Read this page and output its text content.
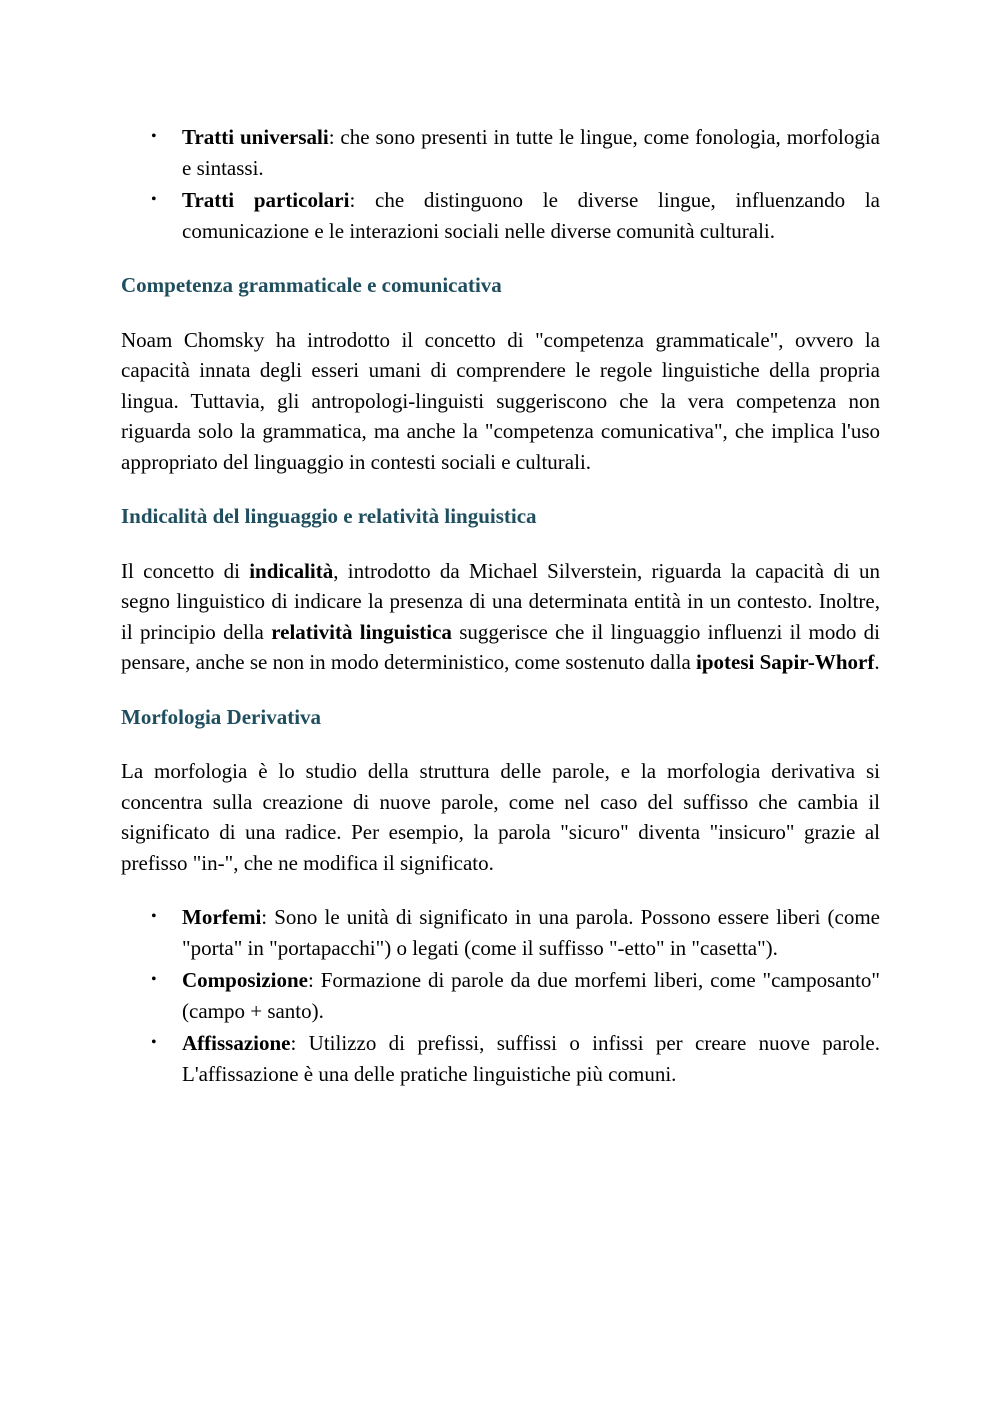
• Tratti universali: che sono presenti in tutte le lingue, come fonologia, morfologia e sintassi.
• Tratti particolari: che distinguono le diverse lingue, influenzando la comunicazione e le interazioni sociali nelle diverse comunità culturali.
Competenza grammaticale e comunicativa

Noam Chomsky ha introdotto il concetto di "competenza grammaticale", ovvero la capacità innata degli esseri umani di comprendere le regole linguistiche della propria lingua. Tuttavia, gli antropologi-linguisti suggeriscono che la vera competenza non riguarda solo la grammatica, ma anche la "competenza comunicativa", che implica l'uso appropriato del linguaggio in contesti sociali e culturali.

Indicalità del linguaggio e relatività linguistica

Il concetto di indicalità, introdotto da Michael Silverstein, riguarda la capacità di un segno linguistico di indicare la presenza di una determinata entità in un contesto. Inoltre, il principio della relatività linguistica suggerisce che il linguaggio influenzi il modo di pensare, anche se non in modo deterministico, come sostenuto dalla ipotesi Sapir-Whorf.

Morfologia Derivativa

La morfologia è lo studio della struttura delle parole, e la morfologia derivativa si concentra sulla creazione di nuove parole, come nel caso del suffisso che cambia il significato di una radice. Per esempio, la parola "sicuro" diventa "insicuro" grazie al prefisso "in-", che ne modifica il significato.

• Morfemi: Sono le unità di significato in una parola. Possono essere liberi (come "porta" in "portapacchi") o legati (come il suffisso "-etto" in "casetta").
• Composizione: Formazione di parole da due morfemi liberi, come "camposanto" (campo + santo).
• Affissazione: Utilizzo di prefissi, suffissi o infissi per creare nuove parole. L'affissazione è una delle pratiche linguistiche più comuni.
